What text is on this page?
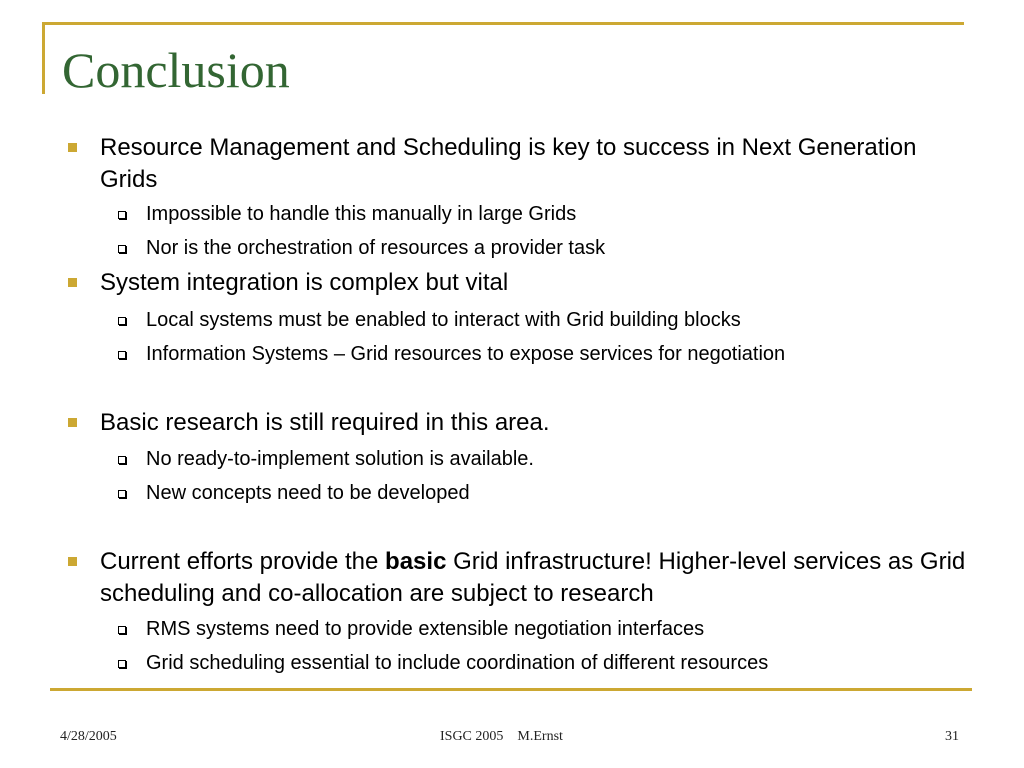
Conclusion
Resource Management and Scheduling is key to success in Next Generation Grids
Impossible to handle this manually in large Grids
Nor is the orchestration of resources a provider task
System integration is complex but vital
Local systems must be enabled to interact with Grid building blocks
Information Systems – Grid resources to expose services for negotiation
Basic research is still required in this area.
No ready-to-implement solution is available.
New concepts need to be developed
Current efforts provide the basic Grid infrastructure! Higher-level services as Grid scheduling and co-allocation are subject to research
RMS systems need to provide extensible negotiation interfaces
Grid scheduling essential to include coordination of different resources
4/28/2005	ISGC 2005 M.Ernst	31
